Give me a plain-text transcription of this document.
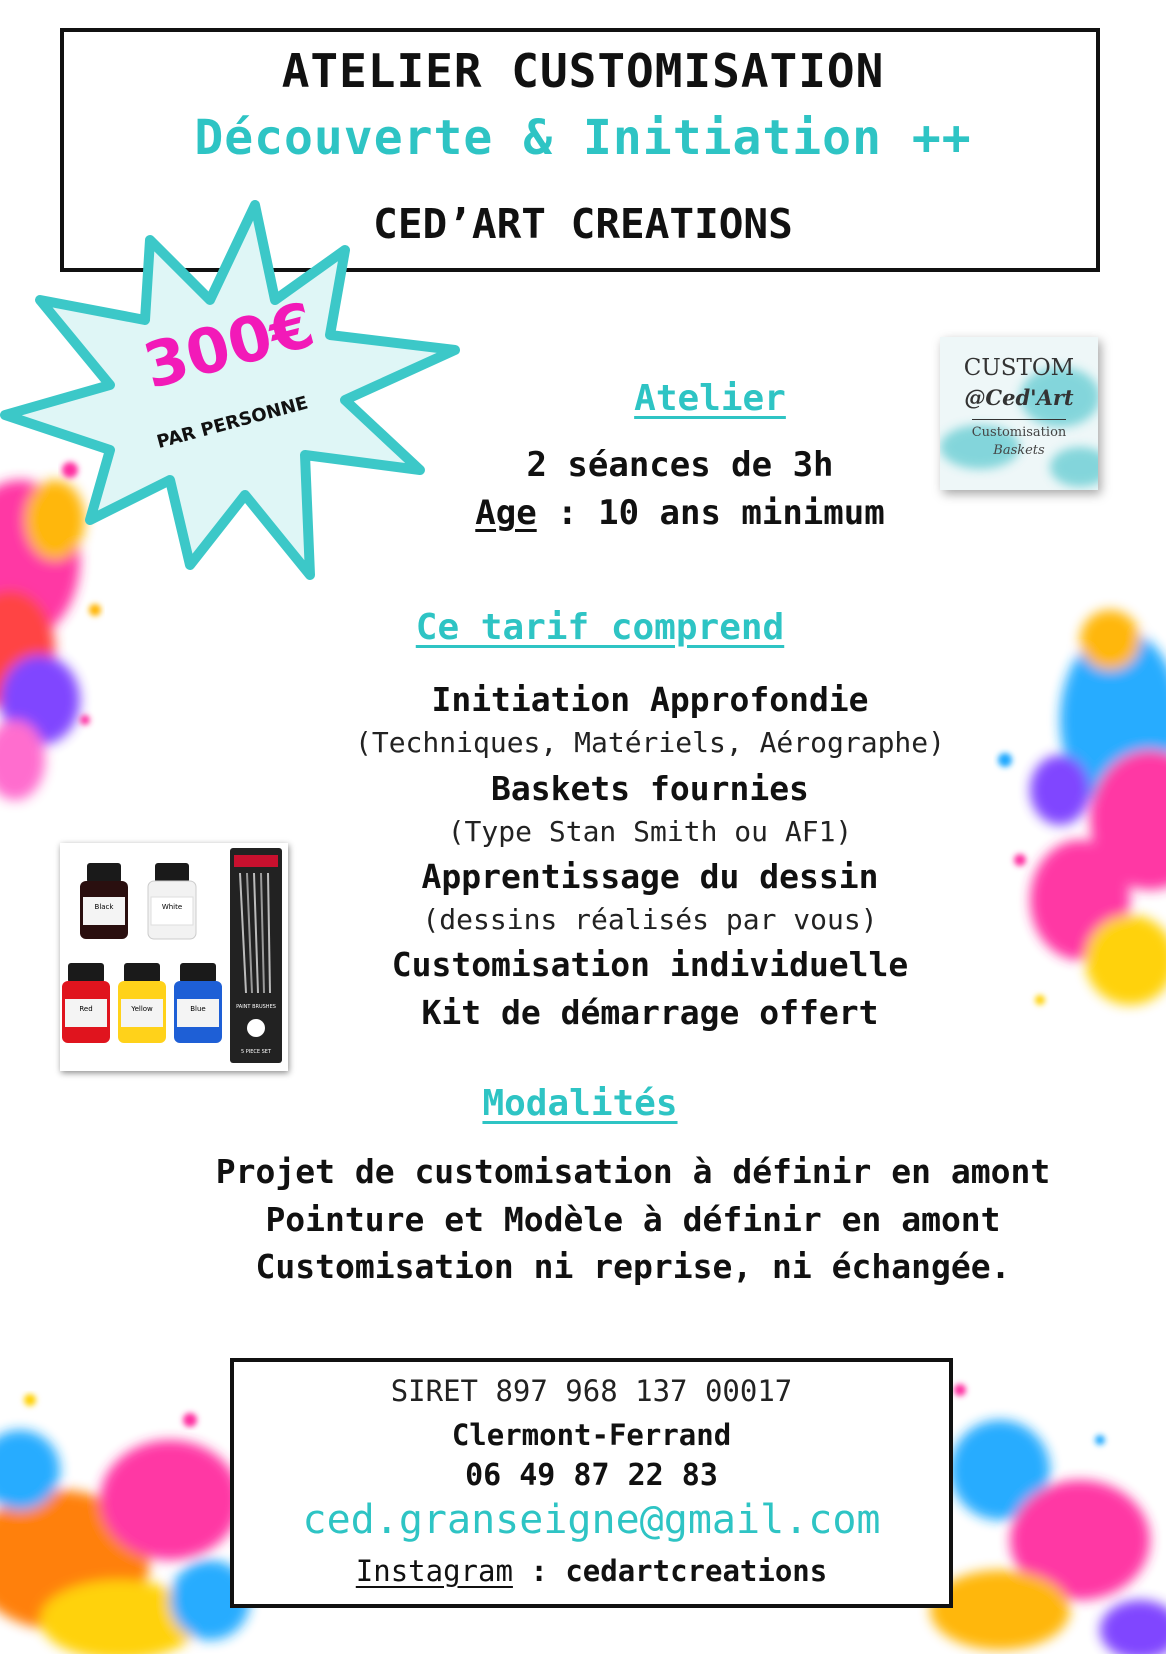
ATELIER CUSTOMISATION
Découverte & Initiation ++
CED’ART CREATIONS
300€
PAR PERSONNE
CUSTOM
@Ced'Art
Customisation
Baskets
Atelier
2 séances de 3h
Age : 10 ans minimum
Ce tarif comprend
Initiation Approfondie
(Techniques, Matériels, Aérographe)
Baskets fournies
(Type Stan Smith ou AF1)
Apprentissage du dessin
(dessins réalisés par vous)
Customisation individuelle
Kit de démarrage offert
Black	White
Red	Yellow	Blue	PAINT BRUSHES
5 PIECE SET
Modalités
Projet de customisation à définir en amont
Pointure et Modèle à définir en amont
Customisation ni reprise, ni échangée.
SIRET 897 968 137 00017
Clermont-Ferrand
06 49 87 22 83
ced.granseigne@gmail.com
Instagram : cedartcreations
